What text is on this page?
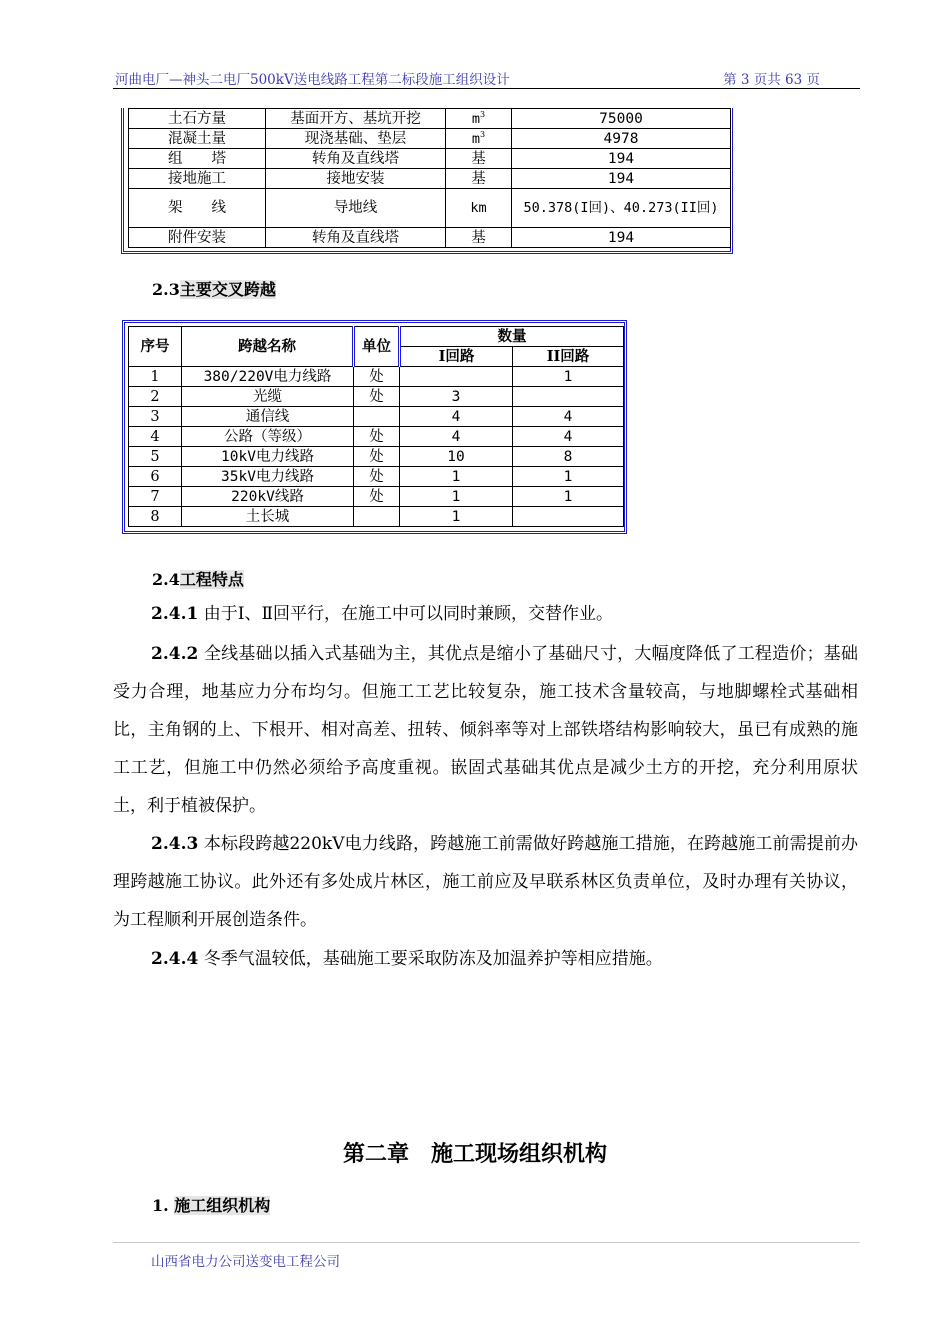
河曲电厂—神头二电厂500kV送电线路工程第二标段施工组织设计	第 3 页共 63 页
土石方量	基面开方、基坑开挖	$m^3$	75000
混凝土量	现浇基础、垫层	$m^3$	4978
组　　塔	转角及直线塔	基	194
接地施工	接地安装	基	194
架　　线	导地线	km	50.378(I回)、40.273(II回)
附件安装	转角及直线塔	基	194
2.3主要交叉跨越
序号	跨越名称	单位	数量	
			I回路	II回路
1	380/220V电力线路	处		1
2	光缆	处	3	
3	通信线		4	4
4	公路（等级）	处	4	4
5	10kV电力线路	处	10	8
6	35kV电力线路	处	1	1
7	220kV线路	处	1	1
8	土长城		1	
2.4工程特点

2.4.1 由于Ⅰ、Ⅱ回平行，在施工中可以同时兼顾，交替作业。

2.4.2 全线基础以插入式基础为主，其优点是缩小了基础尺寸，大幅度降低了工程造价；基础受力合理，地基应力分布均匀。但施工工艺比较复杂，施工技术含量较高，与地脚螺栓式基础相比，主角钢的上、下根开、相对高差、扭转、倾斜率等对上部铁塔结构影响较大，虽已有成熟的施工工艺，但施工中仍然必须给予高度重视。嵌固式基础其优点是减少土方的开挖，充分利用原状土，利于植被保护。

2.4.3 本标段跨越220kV电力线路，跨越施工前需做好跨越施工措施，在跨越施工前需提前办理跨越施工协议。此外还有多处成片林区，施工前应及早联系林区负责单位，及时办理有关协议，为工程顺利开展创造条件。

2.4.4 冬季气温较低，基础施工要采取防冻及加温养护等相应措施。

第二章　施工现场组织机构
1. 施工组织机构
山西省电力公司送变电工程公司
